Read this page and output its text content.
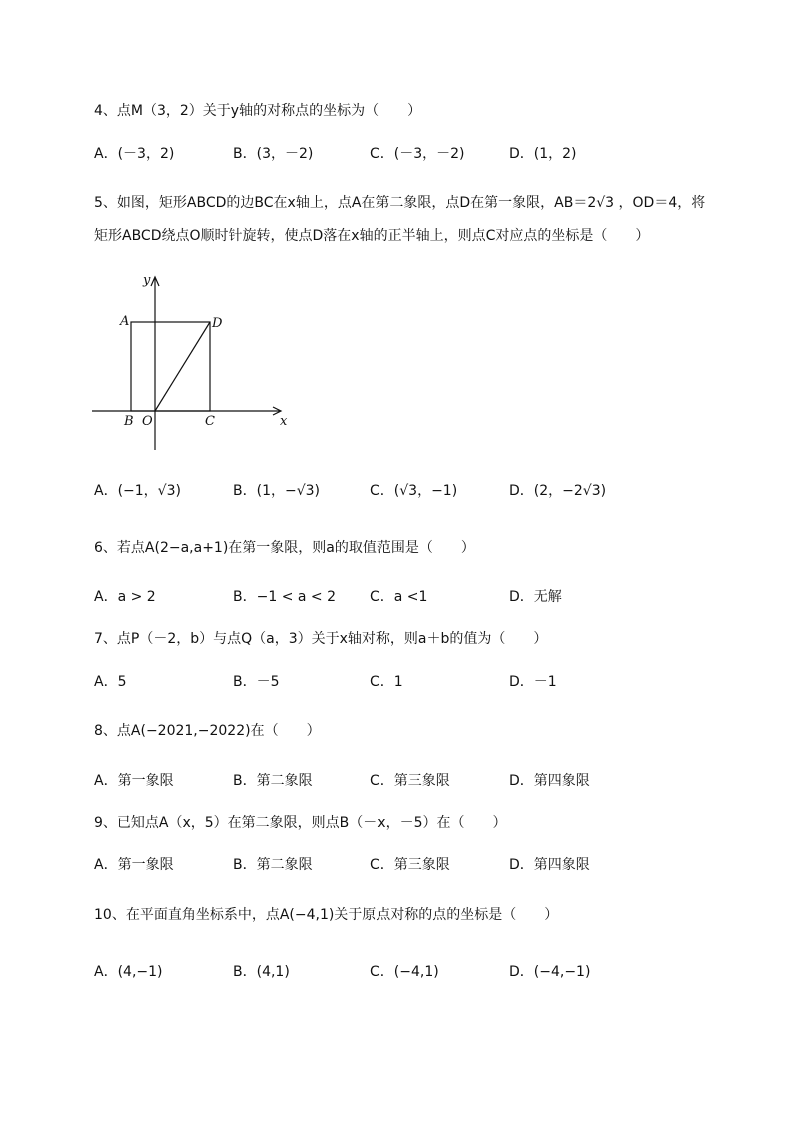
4、点M（3，2）关于y轴的对称点的坐标为（　　）
A．(－3，2)	B．(3，－2)	C．(－3，－2)	D．(1，2)
5、如图，矩形ABCD的边BC在x轴上，点A在第二象限，点D在第一象限，AB＝2√3 ，OD＝4，将
矩形ABCD绕点O顺时针旋转，使点D落在x轴的正半轴上，则点C对应点的坐标是（　　）
y
x
A	D
B O	C
A．(−1，√3)	B．(1，−√3)	C．(√3，−1)	D．(2，−2√3)
6、若点A(2−a,a+1)在第一象限，则a的取值范围是（　　）
A．a > 2	B．−1 < a < 2 C．a <1	D．无解
7、点P（－2，b）与点Q（a，3）关于x轴对称，则a＋b的值为（　　）
A．5	B．－5	C．1	D．－1
8、点A(−2021,−2022)在（　　）
A．第一象限	B．第二象限	C．第三象限	D．第四象限
9、已知点A（x，5）在第二象限，则点B（－x，－5）在（　　）
A．第一象限	B．第二象限	C．第三象限	D．第四象限
10、在平面直角坐标系中，点A(−4,1)关于原点对称的点的坐标是（　　）
A．(4,−1)	B．(4,1)	C．(−4,1)	D．(−4,−1)
